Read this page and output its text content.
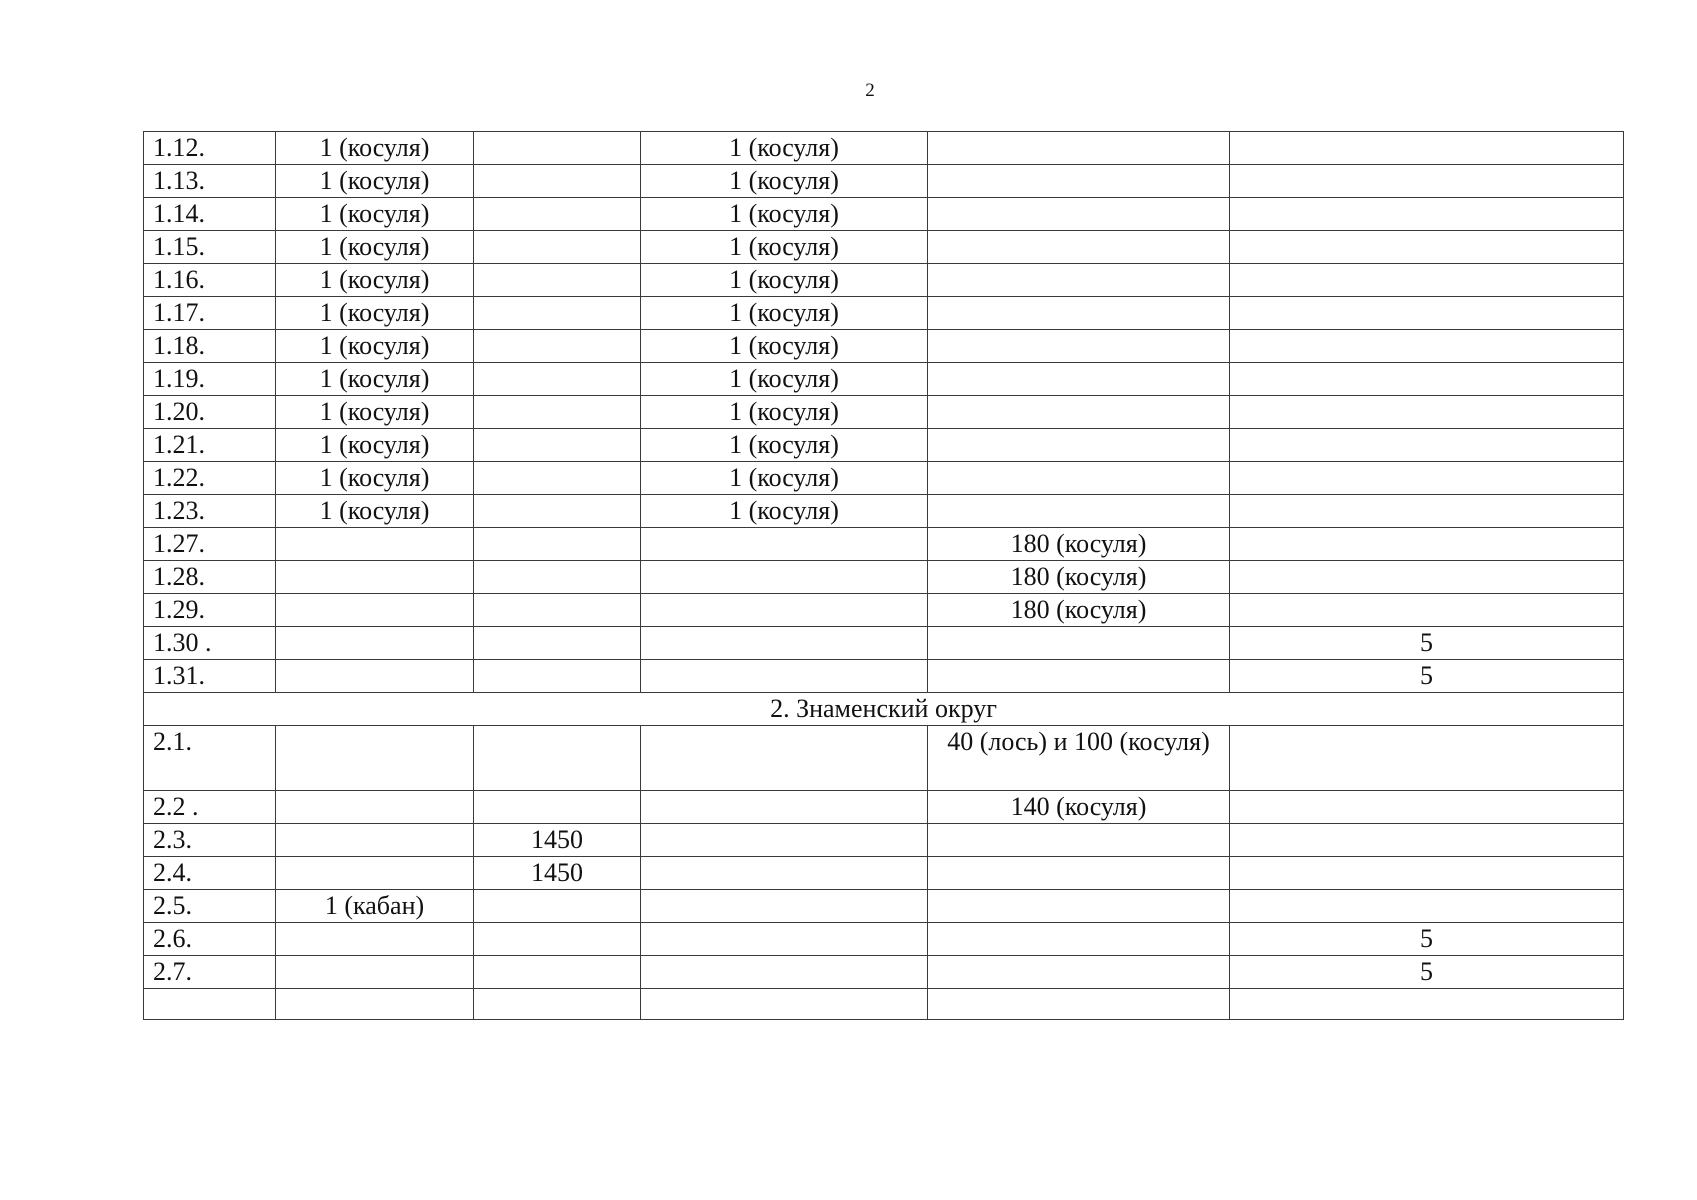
2
1.12.	1 (косуля)		1 (косуля)		
1.13.	1 (косуля)		1 (косуля)		
1.14.	1 (косуля)		1 (косуля)		
1.15.	1 (косуля)		1 (косуля)		
1.16.	1 (косуля)		1 (косуля)		
1.17.	1 (косуля)		1 (косуля)		
1.18.	1 (косуля)		1 (косуля)		
1.19.	1 (косуля)		1 (косуля)		
1.20.	1 (косуля)		1 (косуля)		
1.21.	1 (косуля)		1 (косуля)		
1.22.	1 (косуля)		1 (косуля)		
1.23.	1 (косуля)		1 (косуля)		
1.27.				180 (косуля)	
1.28.				180 (косуля)	
1.29.				180 (косуля)	
1.30 .					5
1.31.					5
2. Знаменский округ					
2.1.				40 (лось) и 100 (косуля)	
2.2 .				140 (косуля)	
2.3.		1450			
2.4.		1450			
2.5.	1 (кабан)				
2.6.					5
2.7.					5
